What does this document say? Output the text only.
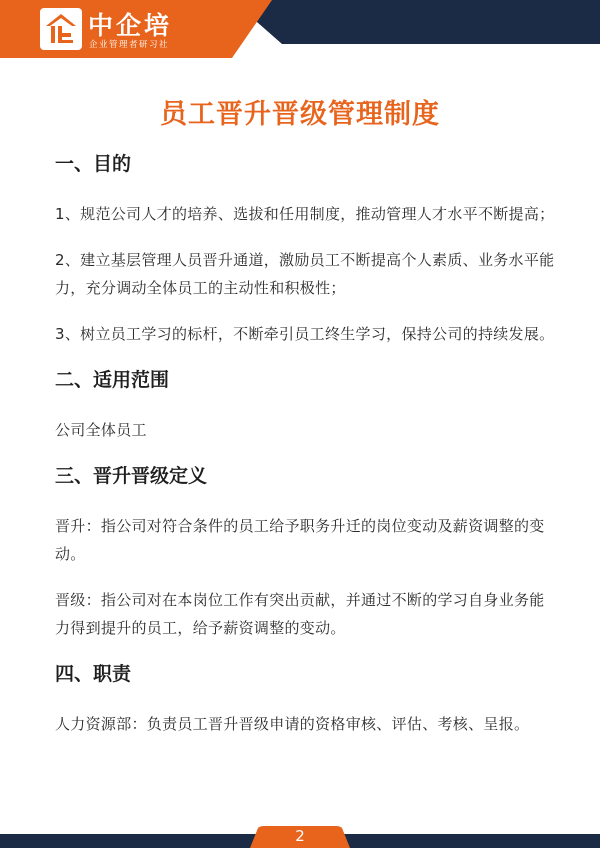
中企培
企业管理者研习社
员工晋升晋级管理制度
一、目的

1、规范公司人才的培养、选拔和任用制度，推动管理人才水平不断提高；

2、建立基层管理人员晋升通道，激励员工不断提高个人素质、业务水平能力，充分调动全体员工的主动性和积极性；

3、树立员工学习的标杆，不断牵引员工终生学习，保持公司的持续发展。

二、适用范围

公司全体员工

三、晋升晋级定义

晋升：指公司对符合条件的员工给予职务升迁的岗位变动及薪资调整的变动。

晋级：指公司对在本岗位工作有突出贡献，并通过不断的学习自身业务能力得到提升的员工，给予薪资调整的变动。

四、职责

人力资源部：负责员工晋升晋级申请的资格审核、评估、考核、呈报。

2
头条 @企业管理研习社
